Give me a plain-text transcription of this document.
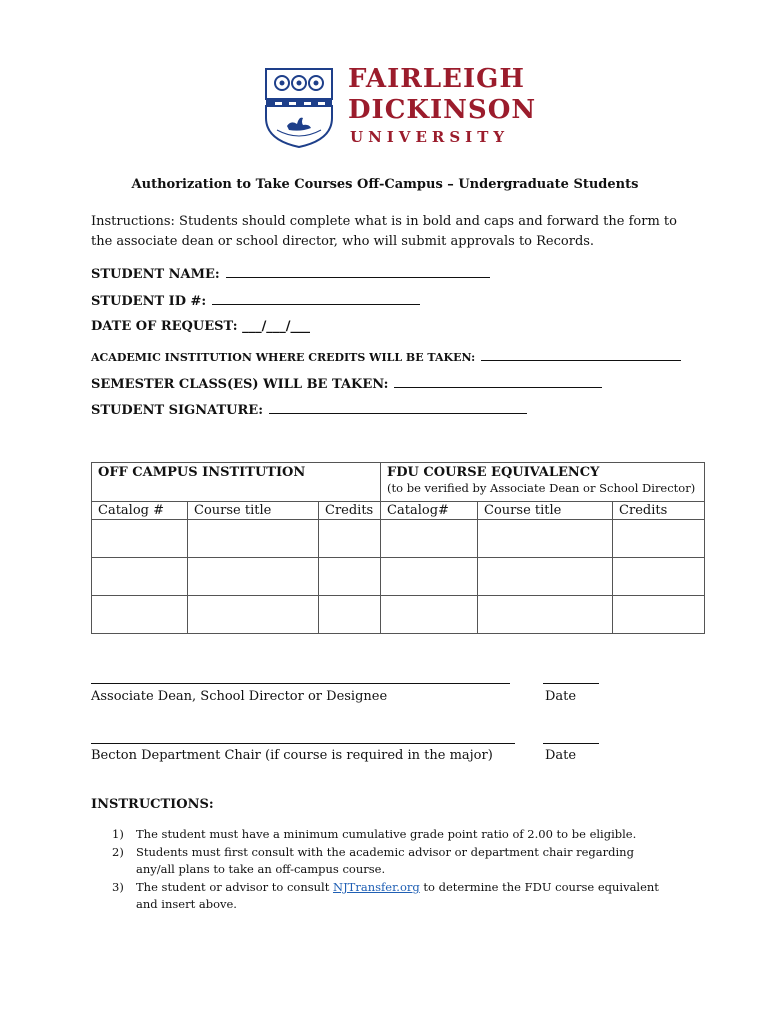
FAIRLEIGH
DICKINSON
UNIVERSITY
Authorization to Take Courses Off-Campus – Undergraduate Students
Instructions: Students should complete what is in bold and caps and forward the form to the associate dean or school director, who will submit approvals to Records.
STUDENT NAME:
STUDENT ID #:
DATE OF REQUEST: ___/___/___
ACADEMIC INSTITUTION WHERE CREDITS WILL BE TAKEN:
SEMESTER CLASS(ES) WILL BE TAKEN:
STUDENT SIGNATURE:
OFF CAMPUS INSTITUTION			FDU COURSE EQUIVALENCY
(to be verified by Associate Dean or School Director)		

Catalog #	Course title	Credits	Catalog#	Course title	Credits

Associate Dean, School Director or Designee	Date
Becton Department Chair (if course is required in the major)	Date
INSTRUCTIONS:
1)	The student must have a minimum cumulative grade point ratio of 2.00 to be eligible.
2)	Students must first consult with the academic advisor or department chair regarding any/all plans to take an off-campus course.
3)	The student or advisor to consult NJTransfer.org to determine the FDU course equivalent and insert above.
